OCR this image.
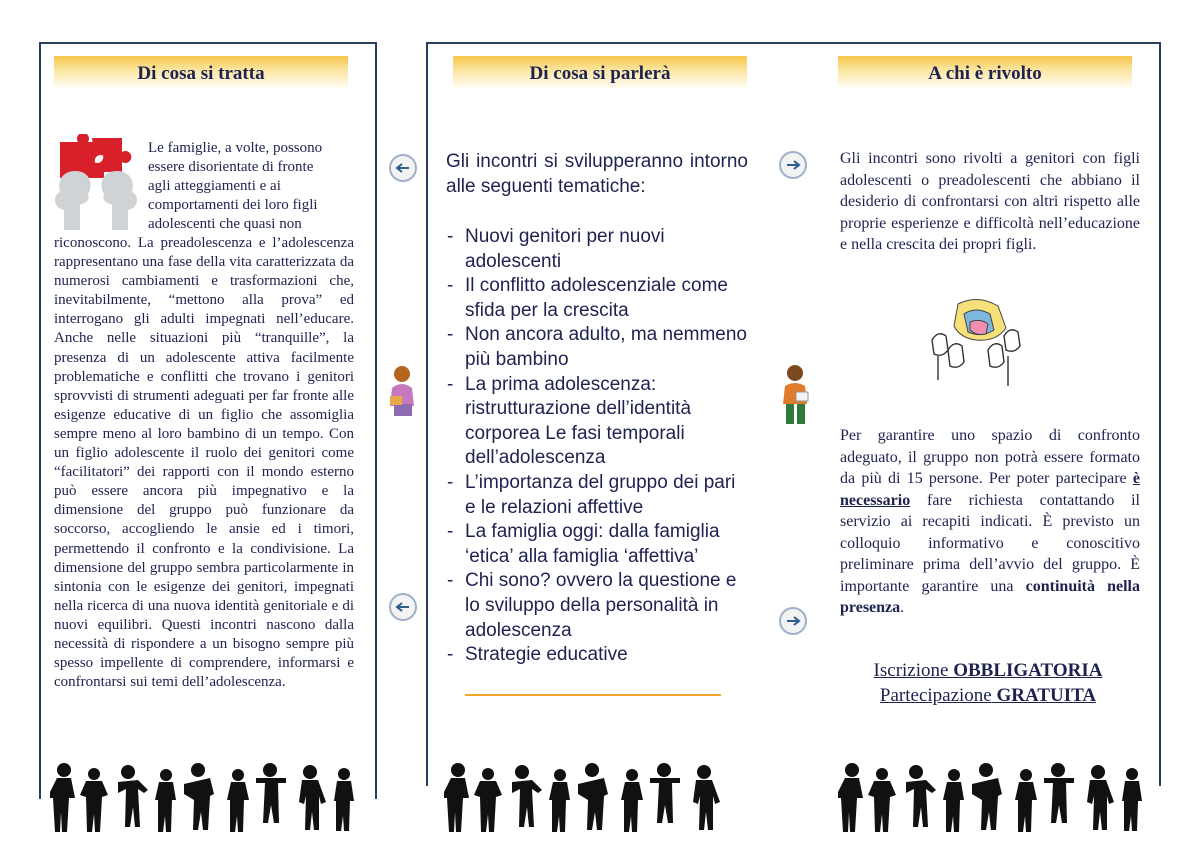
Di cosa si tratta
Le famiglie, a volte, possono
essere disorientate di fronte
agli atteggiamenti e ai
comportamenti dei loro figli
adolescenti che quasi non
riconoscono. La preadolescenza e l’adolescenza rappresentano una fase della vita caratterizzata da numerosi cambiamenti e trasformazioni che, inevitabilmente, “mettono alla prova” ed interrogano gli adulti impegnati nell’educare. Anche nelle situazioni più “tranquille”, la presenza di un adolescente attiva facilmente problematiche e conflitti che trovano i genitori sprovvisti di strumenti adeguati per far fronte alle esigenze educative di un figlio che assomiglia sempre meno al loro bambino di un tempo. Con un figlio adolescente il ruolo dei genitori come “facilitatori” dei rapporti con il mondo esterno può essere ancora più impegnativo e la dimensione del gruppo può funzionare da soccorso, accogliendo le ansie ed i timori, permettendo il confronto e la condivisione. La dimensione del gruppo sembra particolarmente in sintonia con le esigenze dei genitori, impegnati nella ricerca di una nuova identità genitoriale e di nuovi equilibri. Questi incontri nascono dalla necessità di rispondere a un bisogno sempre più spesso impellente di comprendere, informarsi e confrontarsi sui temi dell’adolescenza.
Di cosa si parlerà
Gli incontri si svilupperanno intorno alle seguenti tematiche:
- Nuovi genitori per nuovi adolescenti
- Il conflitto adolescenziale come sfida per la crescita
- Non ancora adulto, ma nemmeno più bambino
- La prima adolescenza: ristrutturazione dell’identità corporea Le fasi temporali dell’adolescenza
- L’importanza del gruppo dei pari e le relazioni affettive
- La famiglia oggi: dalla famiglia ‘etica’ alla famiglia ‘affettiva’
- Chi sono? ovvero la questione e lo sviluppo della personalità in adolescenza
- Strategie educative
A chi è rivolto
Gli incontri sono rivolti a genitori con figli adolescenti o preadolescenti che abbiano il desiderio di confrontarsi con altri rispetto alle proprie esperienze e difficoltà nell’educazione e nella crescita dei propri figli.
Per garantire uno spazio di confronto adeguato, il gruppo non potrà essere formato da più di 15 persone. Per poter partecipare è necessario fare richiesta contattando il servizio ai recapiti indicati. È previsto un colloquio informativo e conoscitivo preliminare prima dell’avvio del gruppo. È importante garantire una continuità nella presenza.
Iscrizione OBBLIGATORIA
Partecipazione GRATUITA
